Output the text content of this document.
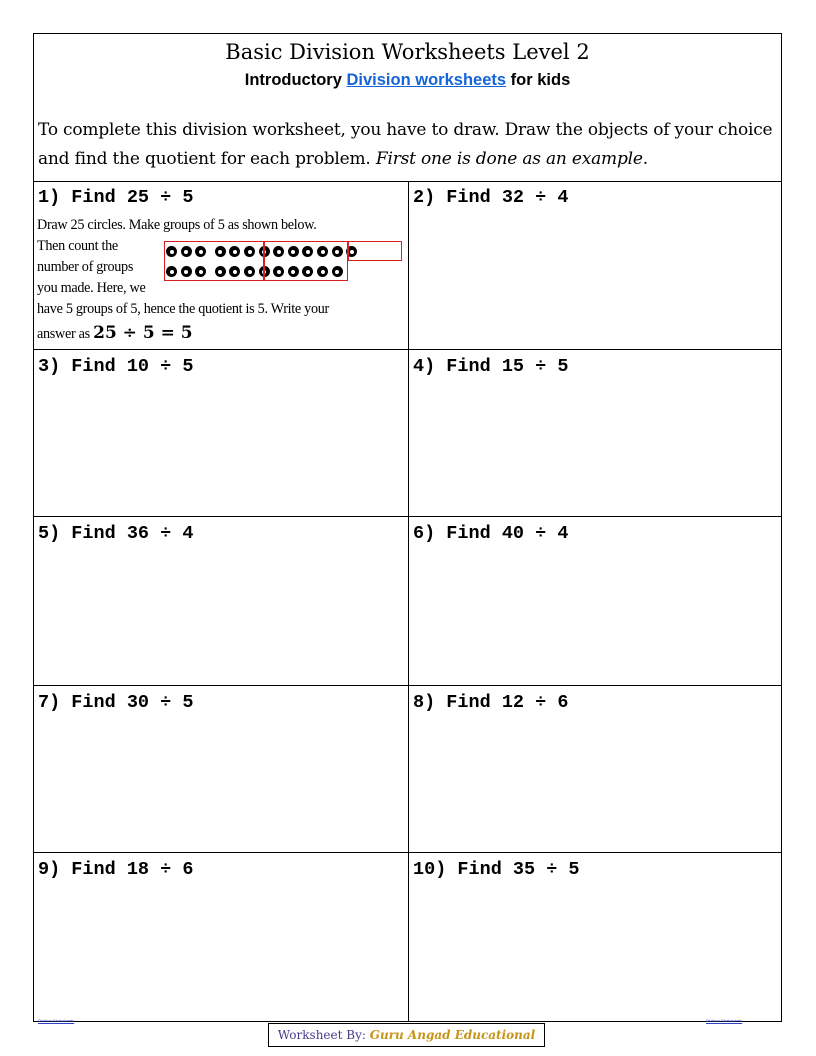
Basic Division Worksheets Level 2
Introductory Division worksheets for kids
To complete this division worksheet, you have to draw. Draw the objects of your choice and find the quotient for each problem. First one is done as an example.
1) Find 25 ÷ 5
Draw 25 circles. Make groups of 5 as shown below.
Then count the
number of groups
you made. Here, we
have 5 groups of 5, hence the quotient is 5. Write your
answer as 25 ÷ 5 = 5
2) Find 32 ÷ 4
3) Find 10 ÷ 5	4) Find 15 ÷ 5
5) Find 36 ÷ 4	6) Find 40 ÷ 4
7) Find 30 ÷ 5	8) Find 12 ÷ 6
9) Find 18 ÷ 6	10) Find 35 ÷ 5
Division Worksheets	Division Worksheets
Worksheet By: Guru Angad Educational
